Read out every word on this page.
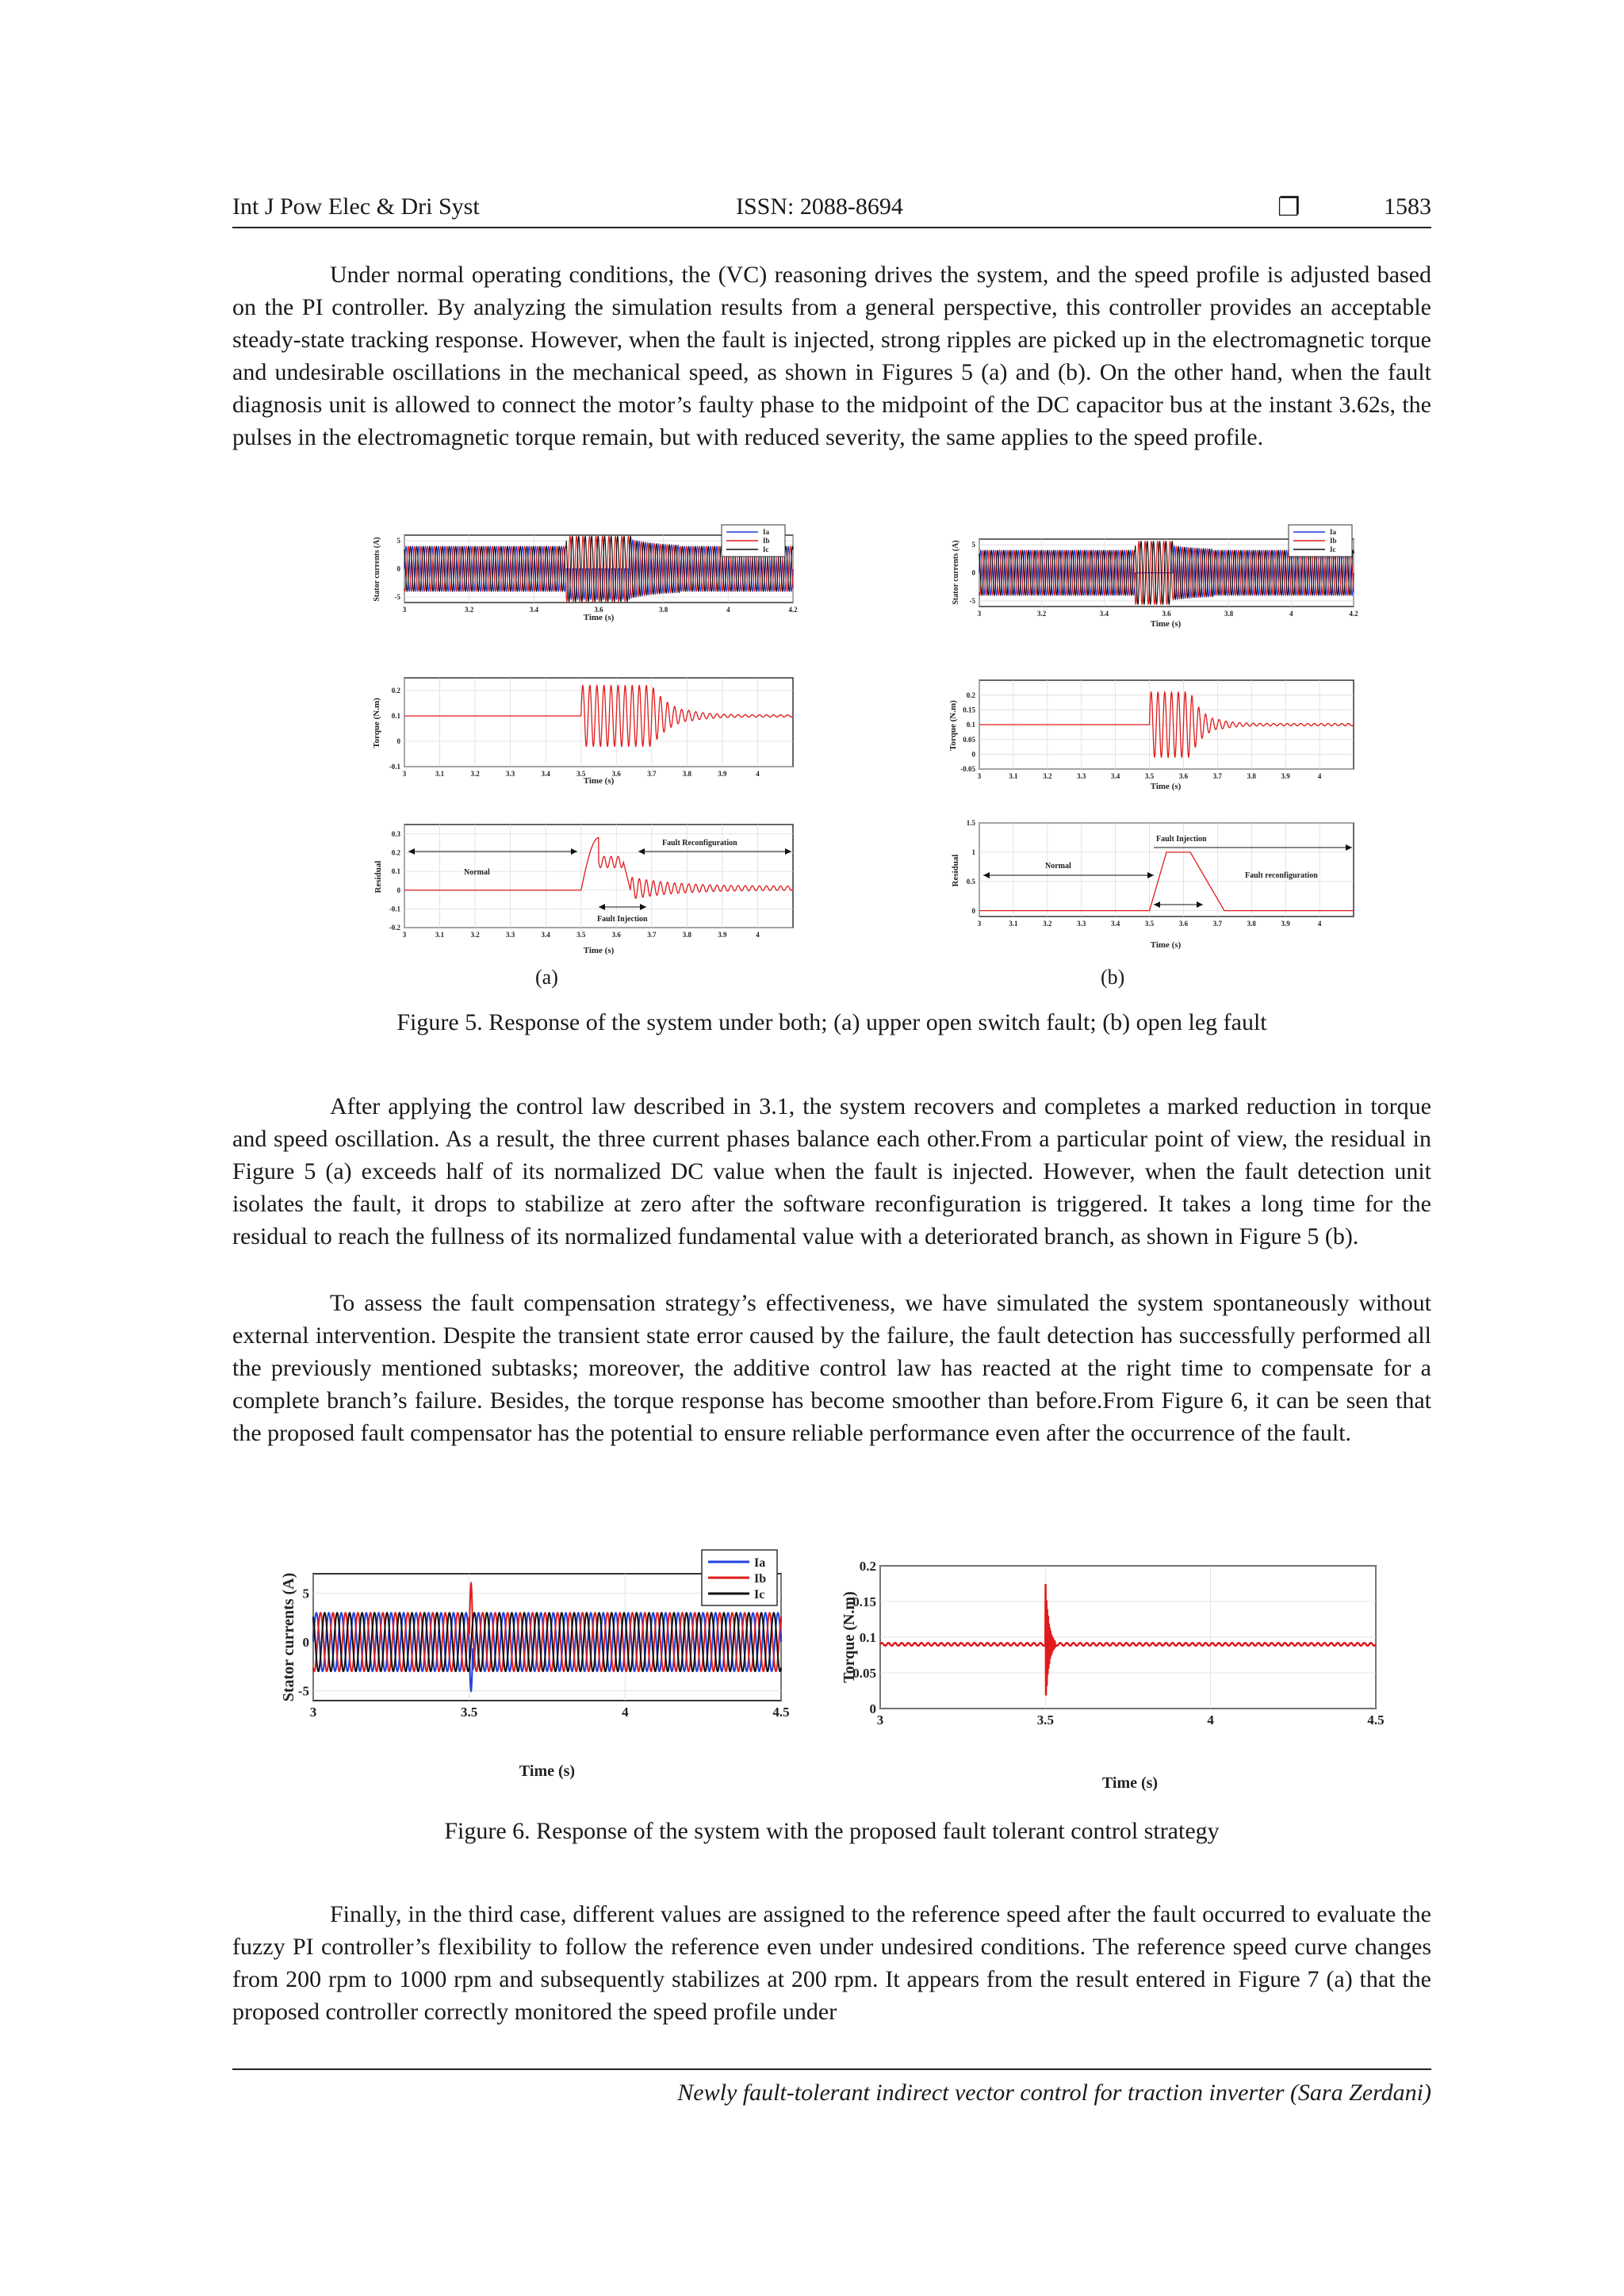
Int J Pow Elec & Dri Syst	ISSN: 2088-8694	❐	1583

Under normal operating conditions, the (VC) reasoning drives the system, and the speed profile is adjusted based on the PI controller. By analyzing the simulation results from a general perspective, this controller provides an acceptable steady-state tracking response. However, when the fault is injected, strong ripples are picked up in the electromagnetic torque and undesirable oscillations in the mechanical speed, as shown in Figures 5 (a) and (b). On the other hand, when the fault diagnosis unit is allowed to connect the motor’s faulty phase to the midpoint of the DC capacitor bus at the instant 3.62s, the pulses in the electromagnetic torque remain, but with reduced severity, the same applies to the speed profile.

Stator currents (A)
Time (s)
3	3.2	3.4	3.6	3.8	4	4.2
5
0
-5
Ia
Ib
Ic
Torque (N.m)
Time (s)
3	3.1	3.2	3.3	3.4	3.5	3.6	3.7	3.8	3.9	4
0.2
0.1
0
-0.1
Residual
Time (s)
3	3.1	3.2	3.3	3.4	3.5	3.6	3.7	3.8	3.9	4
0.3
0.2
0.1
0
-0.1
-0.2
Normal
Fault Reconfiguration
Fault Injection
Stator currents (A)
Time (s)
3	3.2	3.4	3.6	3.8	4	4.2
5
0
-5
Ia
Ib
Ic
Torque (N.m)
Time (s)
3	3.1	3.2	3.3	3.4	3.5	3.6	3.7	3.8	3.9	4
0.2
0.15
0.1
0.05
0
-0.05
Residual
Time (s)
3	3.1	3.2	3.3	3.4	3.5	3.6	3.7	3.8	3.9	4
1.5
1
0.5
0
Normal
Fault Injection
Fault reconfiguration
(a)	(b)

Figure 5. Response of the system under both; (a) upper open switch fault; (b) open leg fault

After applying the control law described in 3.1, the system recovers and completes a marked reduction in torque and speed oscillation. As a result, the three current phases balance each other.From a particular point of view, the residual in Figure 5 (a) exceeds half of its normalized DC value when the fault is injected. However, when the fault detection unit isolates the fault, it drops to stabilize at zero after the software reconfiguration is triggered. It takes a long time for the residual to reach the fullness of its normalized fundamental value with a deteriorated branch, as shown in Figure 5 (b).

To assess the fault compensation strategy’s effectiveness, we have simulated the system spontaneously without external intervention. Despite the transient state error caused by the failure, the fault detection has successfully performed all the previously mentioned subtasks; moreover, the additive control law has reacted at the right time to compensate for a complete branch’s failure. Besides, the torque response has become smoother than before.From Figure 6, it can be seen that the proposed fault compensator has the potential to ensure reliable performance even after the occurrence of the fault.

Stator currents (A)
Time (s)
3	3.5	4	4.5
5
0
-5
Ia
Ib
Ic	Torque (N.m)
Time (s)
3	3.5	4	4.5
0.2
0.15
0.1
0.05
0

Figure 6. Response of the system with the proposed fault tolerant control strategy

Finally, in the third case, different values are assigned to the reference speed after the fault occurred to evaluate the fuzzy PI controller’s flexibility to follow the reference even under undesired conditions. The reference speed curve changes from 200 rpm to 1000 rpm and subsequently stabilizes at 200 rpm. It appears from the result entered in Figure 7 (a) that the proposed controller correctly monitored the speed profile under

Newly fault-tolerant indirect vector control for traction inverter (Sara Zerdani)
